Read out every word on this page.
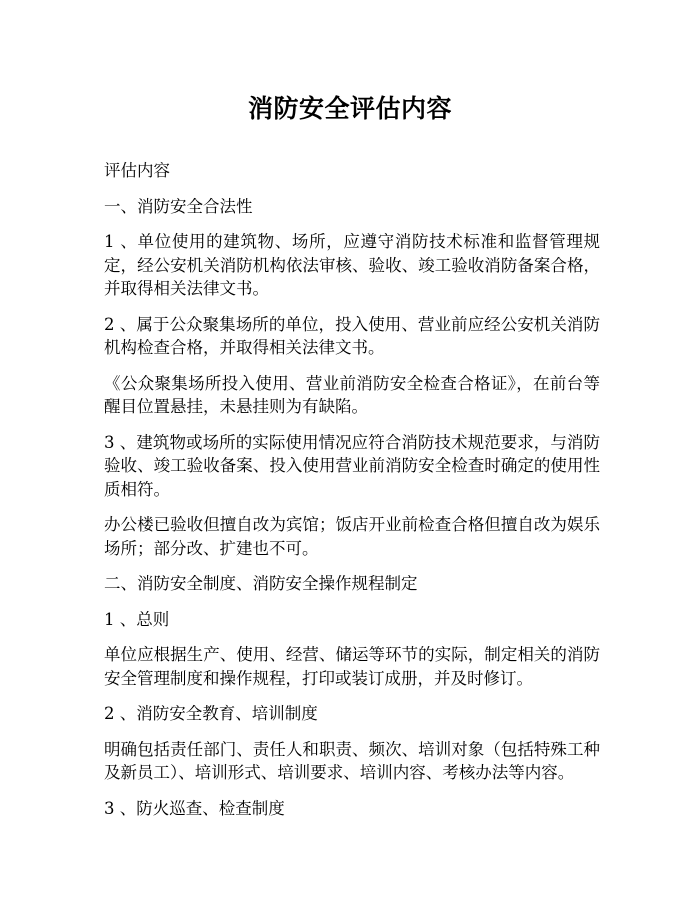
消防安全评估内容

评估内容

一、消防安全合法性

1 、单位使用的建筑物、场所，应遵守消防技术标准和监督管理规定，经公安机关消防机构依法审核、验收、竣工验收消防备案合格，并取得相关法律文书。

2 、属于公众聚集场所的单位，投入使用、营业前应经公安机关消防机构检查合格，并取得相关法律文书。

《公众聚集场所投入使用、营业前消防安全检查合格证》，在前台等醒目位置悬挂，未悬挂则为有缺陷。

3 、建筑物或场所的实际使用情况应符合消防技术规范要求，与消防验收、竣工验收备案、投入使用营业前消防安全检查时确定的使用性质相符。

办公楼已验收但擅自改为宾馆；饭店开业前检查合格但擅自改为娱乐场所；部分改、扩建也不可。

二、消防安全制度、消防安全操作规程制定

1 、总则

单位应根据生产、使用、经营、储运等环节的实际，制定相关的消防安全管理制度和操作规程，打印或装订成册，并及时修订。

2 、消防安全教育、培训制度

明确包括责任部门、责任人和职责、频次、培训对象（包括特殊工种及新员工）、培训形式、培训要求、培训内容、考核办法等内容。

3 、防火巡查、检查制度
